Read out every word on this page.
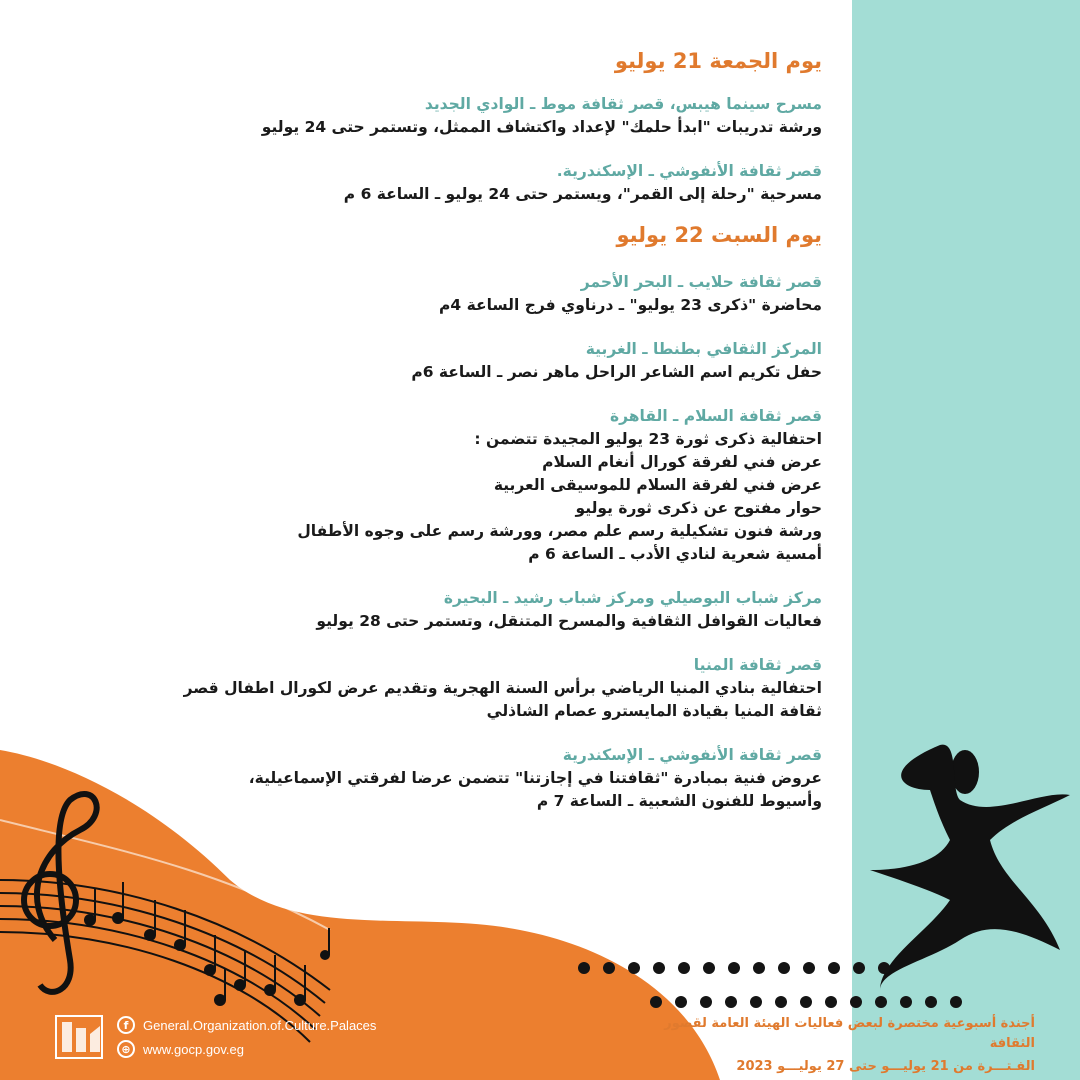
يوم الجمعة 21 يوليو
مسرح سينما هيبس، قصر ثقافة موط ـ الوادي الجديد
ورشة تدريبات "ابدأ حلمك" لإعداد واكتشاف الممثل، وتستمر حتى 24 يوليو
قصر ثقافة الأنفوشي ـ الإسكندرية.
مسرحية "رحلة إلى القمر"، ويستمر حتى 24 يوليو ـ الساعة 6 م
يوم السبت 22 يوليو
قصر ثقافة حلايب ـ البحر الأحمر
محاضرة "ذكرى 23 يوليو" ـ درناوي فرج الساعة 4م
المركز الثقافي بطنطا ـ الغربية
حفل تكريم اسم الشاعر الراحل ماهر نصر ـ الساعة 6م
قصر ثقافة السلام ـ القاهرة
احتفالية ذكرى ثورة 23 يوليو المجيدة تتضمن :
عرض فني لفرقة كورال أنغام السلام
عرض فني لفرقة السلام للموسيقى العربية
حوار مفتوح عن ذكرى ثورة يوليو
ورشة فنون تشكيلية رسم علم مصر، وورشة رسم على وجوه الأطفال
أمسية شعرية لنادي الأدب ـ الساعة 6 م
مركز شباب البوصيلي ومركز شباب رشيد ـ البحيرة
فعاليات القوافل الثقافية والمسرح المتنقل، وتستمر حتى 28 يوليو
قصر ثقافة المنيا
احتفالية بنادي المنيا الرياضي برأس السنة الهجرية وتقديم عرض لكورال اطفال قصر
ثقافة المنيا بقيادة المايسترو عصام الشاذلي
قصر ثقافة الأنفوشي ـ الإسكندرية
عروض فنية بمبادرة "ثقافتنا في إجازتنا" تتضمن عرضا لفرقتي الإسماعيلية،
وأسيوط للفنون الشعبية ـ الساعة 7 م
أجندة أسبوعية مختصرة لبعض فعاليات الهيئة العامة لقصور الثقافة
الفـتـــرة من 21 يوليـــو حتى 27 يوليـــو 2023
f	General.Organization.of.Culture.Palaces
⊕ www.gocp.gov.eg
